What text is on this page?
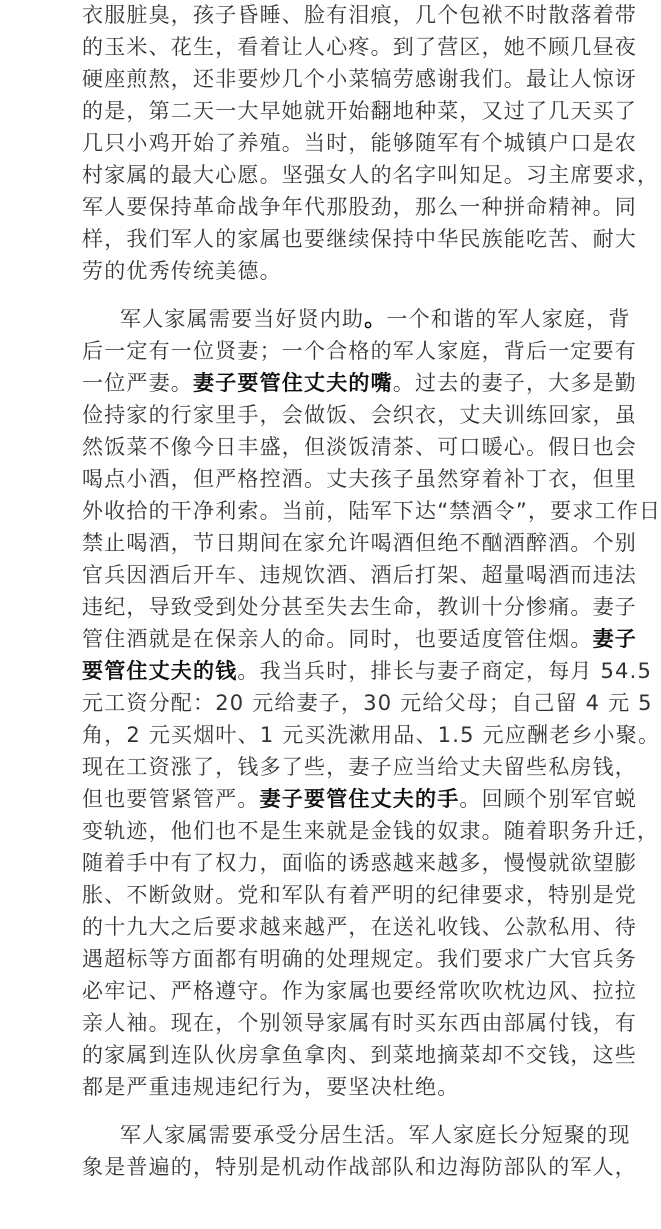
衣服脏臭，孩子昏睡、脸有泪痕，几个包袱不时散落着带
的玉米、花生，看着让人心疼。到了营区，她不顾几昼夜
硬座煎熬，还非要炒几个小菜犒劳感谢我们。最让人惊讶
的是，第二天一大早她就开始翻地种菜，又过了几天买了
几只小鸡开始了养殖。当时，能够随军有个城镇户口是农
村家属的最大心愿。坚强女人的名字叫知足。习主席要求，
军人要保持革命战争年代那股劲，那么一种拼命精神。同
样，我们军人的家属也要继续保持中华民族能吃苦、耐大
劳的优秀传统美德。
军人家属需要当好贤内助。一个和谐的军人家庭，背
后一定有一位贤妻；一个合格的军人家庭，背后一定要有
一位严妻。妻子要管住丈夫的嘴。过去的妻子，大多是勤
俭持家的行家里手，会做饭、会织衣，丈夫训练回家，虽
然饭菜不像今日丰盛，但淡饭清茶、可口暖心。假日也会
喝点小酒，但严格控酒。丈夫孩子虽然穿着补丁衣，但里
外收拾的干净利索。当前，陆军下达“禁酒令”，要求工作日
禁止喝酒，节日期间在家允许喝酒但绝不酗酒醉酒。个别
官兵因酒后开车、违规饮酒、酒后打架、超量喝酒而违法
违纪，导致受到处分甚至失去生命，教训十分惨痛。妻子
管住酒就是在保亲人的命。同时，也要适度管住烟。妻子
要管住丈夫的钱。我当兵时，排长与妻子商定，每月 54.5
元工资分配：20 元给妻子，30 元给父母；自己留 4 元 5
角，2 元买烟叶、1 元买洗漱用品、1.5 元应酬老乡小聚。
现在工资涨了，钱多了些，妻子应当给丈夫留些私房钱，
但也要管紧管严。妻子要管住丈夫的手。回顾个别军官蜕
变轨迹，他们也不是生来就是金钱的奴隶。随着职务升迁，
随着手中有了权力，面临的诱惑越来越多，慢慢就欲望膨
胀、不断敛财。党和军队有着严明的纪律要求，特别是党
的十九大之后要求越来越严，在送礼收钱、公款私用、待
遇超标等方面都有明确的处理规定。我们要求广大官兵务
必牢记、严格遵守。作为家属也要经常吹吹枕边风、拉拉
亲人袖。现在，个别领导家属有时买东西由部属付钱，有
的家属到连队伙房拿鱼拿肉、到菜地摘菜却不交钱，这些
都是严重违规违纪行为，要坚决杜绝。
军人家属需要承受分居生活。军人家庭长分短聚的现
象是普遍的，特别是机动作战部队和边海防部队的军人，
